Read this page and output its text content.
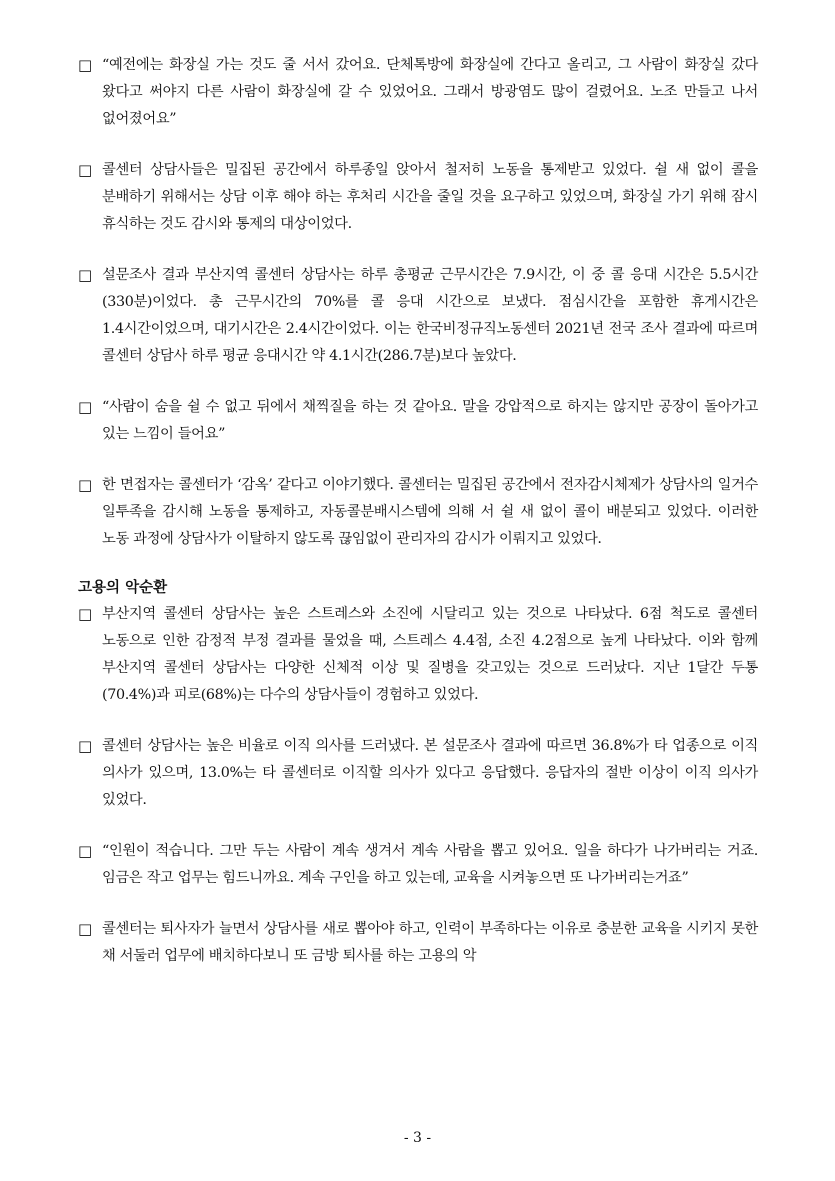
□ “예전에는 화장실 가는 것도 줄 서서 갔어요. 단체톡방에 화장실에 간다고 올리고, 그 사람이 화장실 갔다 왔다고 써야지 다른 사람이 화장실에 갈 수 있었어요. 그래서 방광염도 많이 걸렸어요. 노조 만들고 나서 없어졌어요”
□ 콜센터 상담사들은 밀집된 공간에서 하루종일 앉아서 철저히 노동을 통제받고 있었다. 쉴 새 없이 콜을 분배하기 위해서는 상담 이후 해야 하는 후처리 시간을 줄일 것을 요구하고 있었으며, 화장실 가기 위해 잠시 휴식하는 것도 감시와 통제의 대상이었다.
□ 설문조사 결과 부산지역 콜센터 상담사는 하루 총평균 근무시간은 7.9시간, 이 중 콜 응대 시간은 5.5시간(330분)이었다. 총 근무시간의 70%를 콜 응대 시간으로 보냈다. 점심시간을 포함한 휴게시간은 1.4시간이었으며, 대기시간은 2.4시간이었다. 이는 한국비정규직노동센터 2021년 전국 조사 결과에 따르며 콜센터 상담사 하루 평균 응대시간 약 4.1시간(286.7분)보다 높았다.
□ “사람이 숨을 쉴 수 없고 뒤에서 채찍질을 하는 것 같아요. 말을 강압적으로 하지는 않지만 공장이 돌아가고 있는 느낌이 들어요”
□ 한 면접자는 콜센터가 ‘감옥’ 같다고 이야기했다. 콜센터는 밀집된 공간에서 전자감시체제가 상담사의 일거수 일투족을 감시해 노동을 통제하고, 자동콜분배시스템에 의해 서 쉴 새 없이 콜이 배분되고 있었다. 이러한 노동 과정에 상담사가 이탈하지 않도록 끊임없이 관리자의 감시가 이뤄지고 있었다.
고용의 악순환
□ 부산지역 콜센터 상담사는 높은 스트레스와 소진에 시달리고 있는 것으로 나타났다. 6점 척도로 콜센터 노동으로 인한 감정적 부정 결과를 물었을 때, 스트레스 4.4점, 소진 4.2점으로 높게 나타났다. 이와 함께 부산지역 콜센터 상담사는 다양한 신체적 이상 및 질병을 갖고있는 것으로 드러났다. 지난 1달간 두통(70.4%)과 피로(68%)는 다수의 상담사들이 경험하고 있었다.
□ 콜센터 상담사는 높은 비율로 이직 의사를 드러냈다. 본 설문조사 결과에 따르면 36.8%가 타 업종으로 이직 의사가 있으며, 13.0%는 타 콜센터로 이직할 의사가 있다고 응답했다. 응답자의 절반 이상이 이직 의사가 있었다.
□ “인원이 적습니다. 그만 두는 사람이 계속 생겨서 계속 사람을 뽑고 있어요. 일을 하다가 나가버리는 거죠. 임금은 작고 업무는 힘드니까요. 계속 구인을 하고 있는데, 교육을 시켜놓으면 또 나가버리는거죠”
□ 콜센터는 퇴사자가 늘면서 상담사를 새로 뽑아야 하고, 인력이 부족하다는 이유로 충분한 교육을 시키지 못한 채 서둘러 업무에 배치하다보니 또 금방 퇴사를 하는 고용의 악
- 3 -
